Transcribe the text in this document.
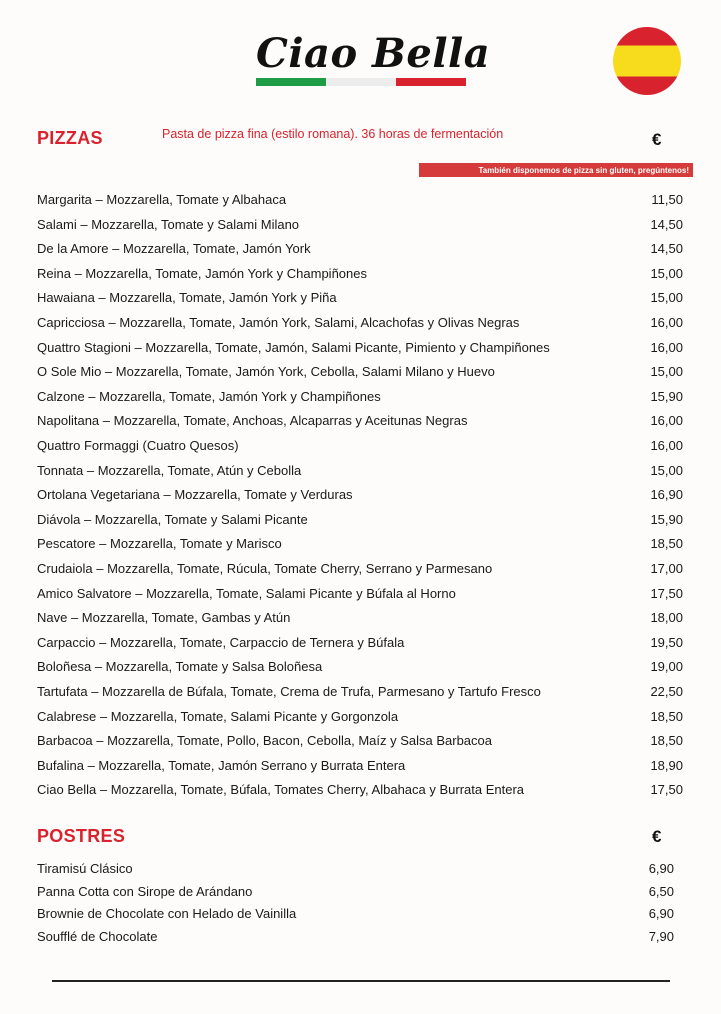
Ciao Bella
PIZZAS	Pasta de pizza fina (estilo romana). 36 horas de fermentación	€
También disponemos de pizza sin gluten, pregúntenos!
Margarita – Mozzarella, Tomate y Albahaca	11,50
Salami – Mozzarella, Tomate y Salami Milano	14,50
De la Amore – Mozzarella, Tomate, Jamón York	14,50
Reina – Mozzarella, Tomate, Jamón York y Champiñones	15,00
Hawaiana – Mozzarella, Tomate, Jamón York y Piña	15,00
Capricciosa – Mozzarella, Tomate, Jamón York, Salami, Alcachofas y Olivas Negras	16,00
Quattro Stagioni – Mozzarella, Tomate, Jamón, Salami Picante, Pimiento y Champiñones	16,00
O Sole Mio – Mozzarella, Tomate, Jamón York, Cebolla, Salami Milano y Huevo	15,00
Calzone – Mozzarella, Tomate, Jamón York y Champiñones	15,90
Napolitana – Mozzarella, Tomate, Anchoas, Alcaparras y Aceitunas Negras	16,00
Quattro Formaggi (Cuatro Quesos)	16,00
Tonnata – Mozzarella, Tomate, Atún y Cebolla	15,00
Ortolana Vegetariana – Mozzarella, Tomate y Verduras	16,90
Diávola – Mozzarella, Tomate y Salami Picante	15,90
Pescatore – Mozzarella, Tomate y Marisco	18,50
Crudaiola – Mozzarella, Tomate, Rúcula, Tomate Cherry, Serrano y Parmesano	17,00
Amico Salvatore – Mozzarella, Tomate, Salami Picante y Búfala al Horno	17,50
Nave – Mozzarella, Tomate, Gambas y Atún	18,00
Carpaccio – Mozzarella, Tomate, Carpaccio de Ternera y Búfala	19,50
Boloñesa – Mozzarella, Tomate y Salsa Boloñesa	19,00
Tartufata – Mozzarella de Búfala, Tomate, Crema de Trufa, Parmesano y Tartufo Fresco	22,50
Calabrese – Mozzarella, Tomate, Salami Picante y Gorgonzola	18,50
Barbacoa – Mozzarella, Tomate, Pollo, Bacon, Cebolla, Maíz y Salsa Barbacoa	18,50
Bufalina – Mozzarella, Tomate, Jamón Serrano y Burrata Entera	18,90
Ciao Bella – Mozzarella, Tomate, Búfala, Tomates Cherry, Albahaca y Burrata Entera	17,50
POSTRES	€
Tiramisú Clásico	6,90
Panna Cotta con Sirope de Arándano	6,50
Brownie de Chocolate con Helado de Vainilla	6,90
Soufflé de Chocolate	7,90
